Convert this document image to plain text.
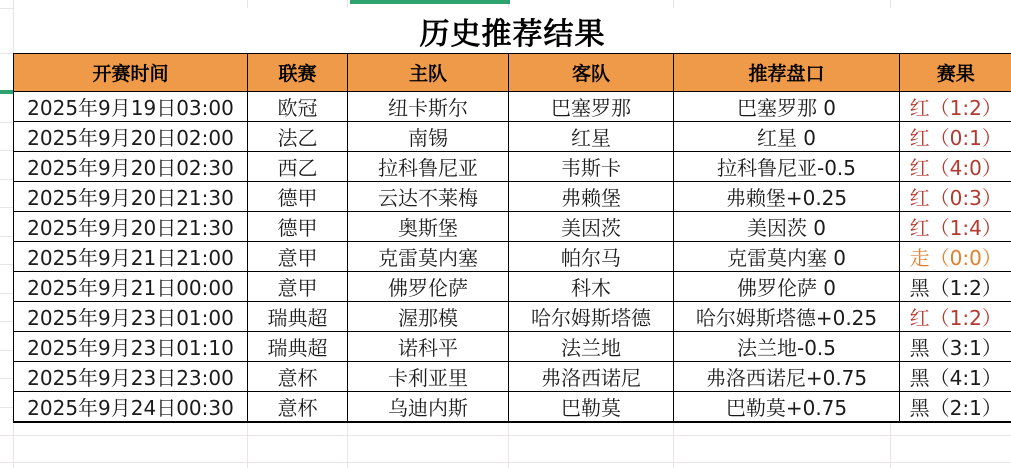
历史推荐结果
开赛时间	联赛	主队	客队	推荐盘口	赛果
2025年9月19日03:00	欧冠	纽卡斯尔	巴塞罗那	巴塞罗那 0	红（1:2）
2025年9月20日02:00	法乙	南锡	红星	红星 0	红（0:1）
2025年9月20日02:30	西乙	拉科鲁尼亚	韦斯卡	拉科鲁尼亚-0.5	红（4:0）
2025年9月20日21:30	德甲	云达不莱梅	弗赖堡	弗赖堡+0.25	红（0:3）
2025年9月20日21:30	德甲	奥斯堡	美因茨	美因茨 0	红（1:4）
2025年9月21日21:00	意甲	克雷莫内塞	帕尔马	克雷莫内塞 0	走（0:0）
2025年9月21日00:00	意甲	佛罗伦萨	科木	佛罗伦萨 0	黑（1:2）
2025年9月23日01:00	瑞典超	渥那模	哈尔姆斯塔德	哈尔姆斯塔德+0.25	红（1:2）
2025年9月23日01:10	瑞典超	诺科平	法兰地	法兰地-0.5	黑（3:1）
2025年9月23日23:00	意杯	卡利亚里	弗洛西诺尼	弗洛西诺尼+0.75	黑（4:1）
2025年9月24日00:30	意杯	乌迪内斯	巴勒莫	巴勒莫+0.75	黑（2:1）
